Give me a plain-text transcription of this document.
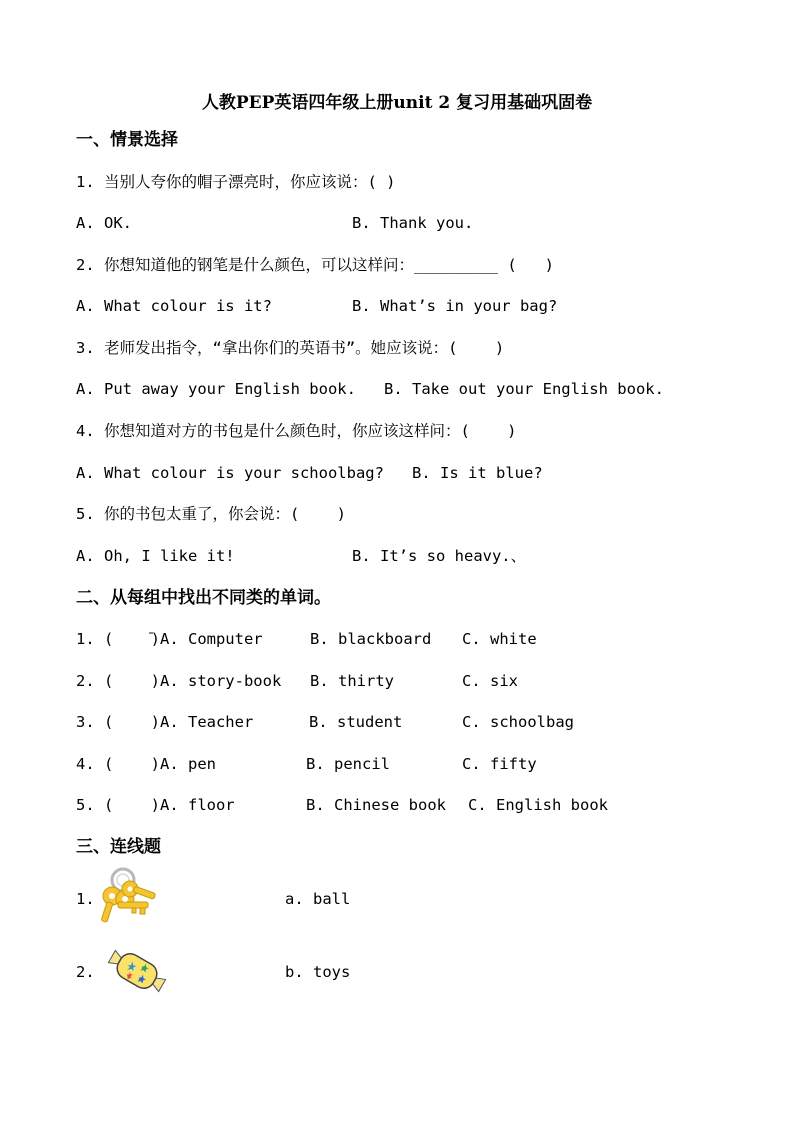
人教PEP英语四年级上册unit 2 复习用基础巩固卷
一、情景选择
1. 当别人夸你的帽子漂亮时，你应该说：( )
A. OK.	B. Thank you.
2. 你想知道他的钢笔是什么颜色，可以这样问：_________ (   )
A. What colour is it?	B. What’s in your bag?
3. 老师发出指令，“拿出你们的英语书”。她应该说：(    )
A. Put away your English book. B. Take out your English book.
4. 你想知道对方的书包是什么颜色时，你应该这样问：(    )
A. What colour is your schoolbag? B. Is it blue?
5. 你的书包太重了，你会说：(    )
A. Oh, I like it!	B. It’s so heavy.、
二、从每组中找出不同类的单词。
1. (    )A. Computer	B. blackboard C. white
2. (    )A. story-book B. thirty	C. six
3. (    )A. Teacher	B. student	C. schoolbag
4. (    )A. pen	B. pencil	C. fifty
5. (    )A. floor	B. Chinese book C. English book
三、连线题
1.	a. ball
2.	b. toys
